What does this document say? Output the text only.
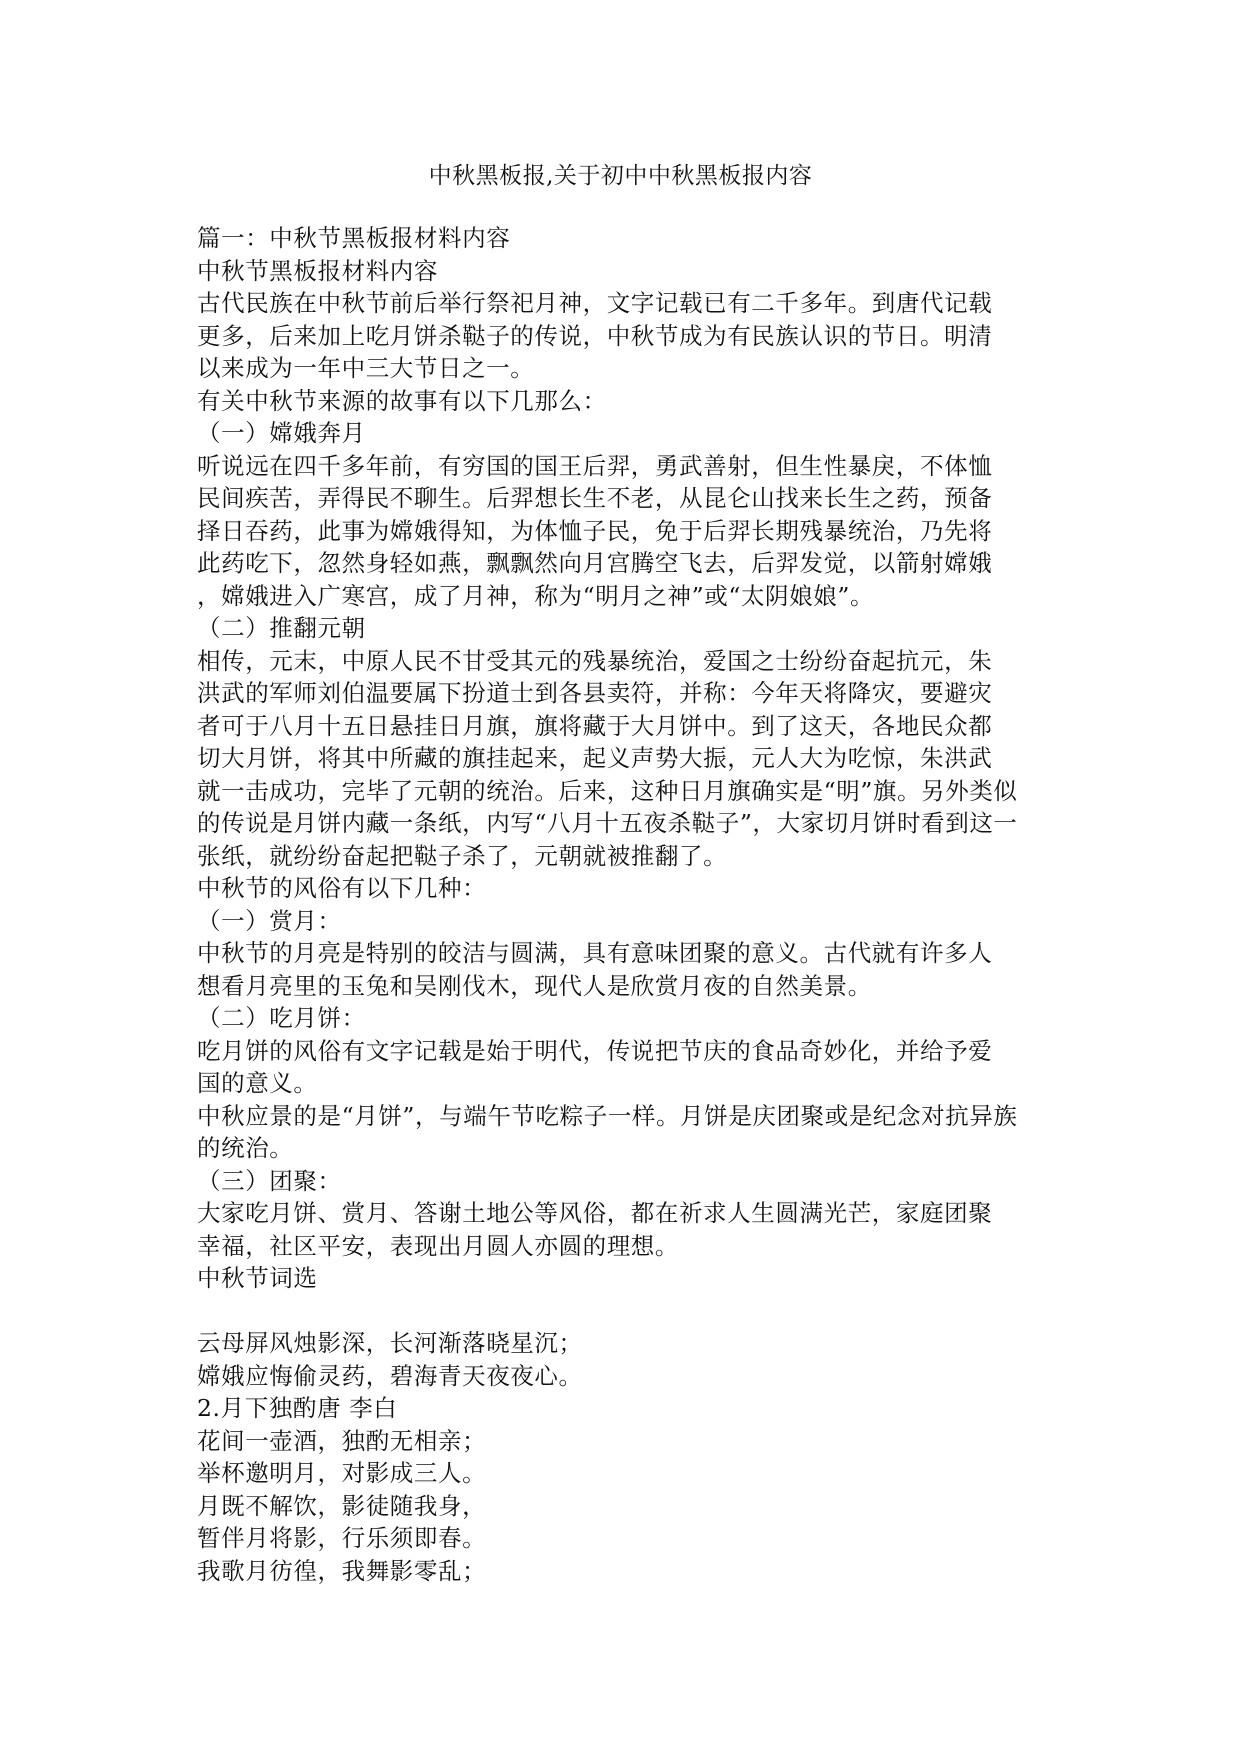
中秋黑板报,关于初中中秋黑板报内容
篇一：中秋节黑板报材料内容
中秋节黑板报材料内容
古代民族在中秋节前后举行祭祀月神，文字记载已有二千多年。到唐代记载
更多，后来加上吃月饼杀鞑子的传说，中秋节成为有民族认识的节日。明清
以来成为一年中三大节日之一。
有关中秋节来源的故事有以下几那么：
（一）嫦娥奔月
听说远在四千多年前，有穷国的国王后羿，勇武善射，但生性暴戾，不体恤
民间疾苦，弄得民不聊生。后羿想长生不老，从昆仑山找来长生之药，预备
择日吞药，此事为嫦娥得知，为体恤子民，免于后羿长期残暴统治，乃先将
此药吃下，忽然身轻如燕，飘飘然向月宫腾空飞去，后羿发觉，以箭射嫦娥
，嫦娥进入广寒宫，成了月神，称为“明月之神”或“太阴娘娘”。
（二）推翻元朝
相传，元末，中原人民不甘受其元的残暴统治，爱国之士纷纷奋起抗元，朱
洪武的军师刘伯温要属下扮道士到各县卖符，并称：今年天将降灾，要避灾
者可于八月十五日悬挂日月旗，旗将藏于大月饼中。到了这天，各地民众都
切大月饼，将其中所藏的旗挂起来，起义声势大振，元人大为吃惊，朱洪武
就一击成功，完毕了元朝的统治。后来，这种日月旗确实是“明”旗。另外类似
的传说是月饼内藏一条纸，内写“八月十五夜杀鞑子”，大家切月饼时看到这一
张纸，就纷纷奋起把鞑子杀了，元朝就被推翻了。
中秋节的风俗有以下几种：
（一）赏月：
中秋节的月亮是特别的皎洁与圆满，具有意味团聚的意义。古代就有许多人
想看月亮里的玉兔和吴刚伐木，现代人是欣赏月夜的自然美景。
（二）吃月饼：
吃月饼的风俗有文字记载是始于明代，传说把节庆的食品奇妙化，并给予爱
国的意义。
中秋应景的是“月饼”，与端午节吃粽子一样。月饼是庆团聚或是纪念对抗异族
的统治。
（三）团聚：
大家吃月饼、赏月、答谢土地公等风俗，都在祈求人生圆满光芒，家庭团聚
幸福，社区平安，表现出月圆人亦圆的理想。
中秋节词选
云母屏风烛影深，长河渐落晓星沉；
嫦娥应悔偷灵药，碧海青天夜夜心。
2.月下独酌唐 李白
花间一壶酒，独酌无相亲；
举杯邀明月，对影成三人。
月既不解饮，影徒随我身，
暂伴月将影，行乐须即春。
我歌月彷徨，我舞影零乱；
